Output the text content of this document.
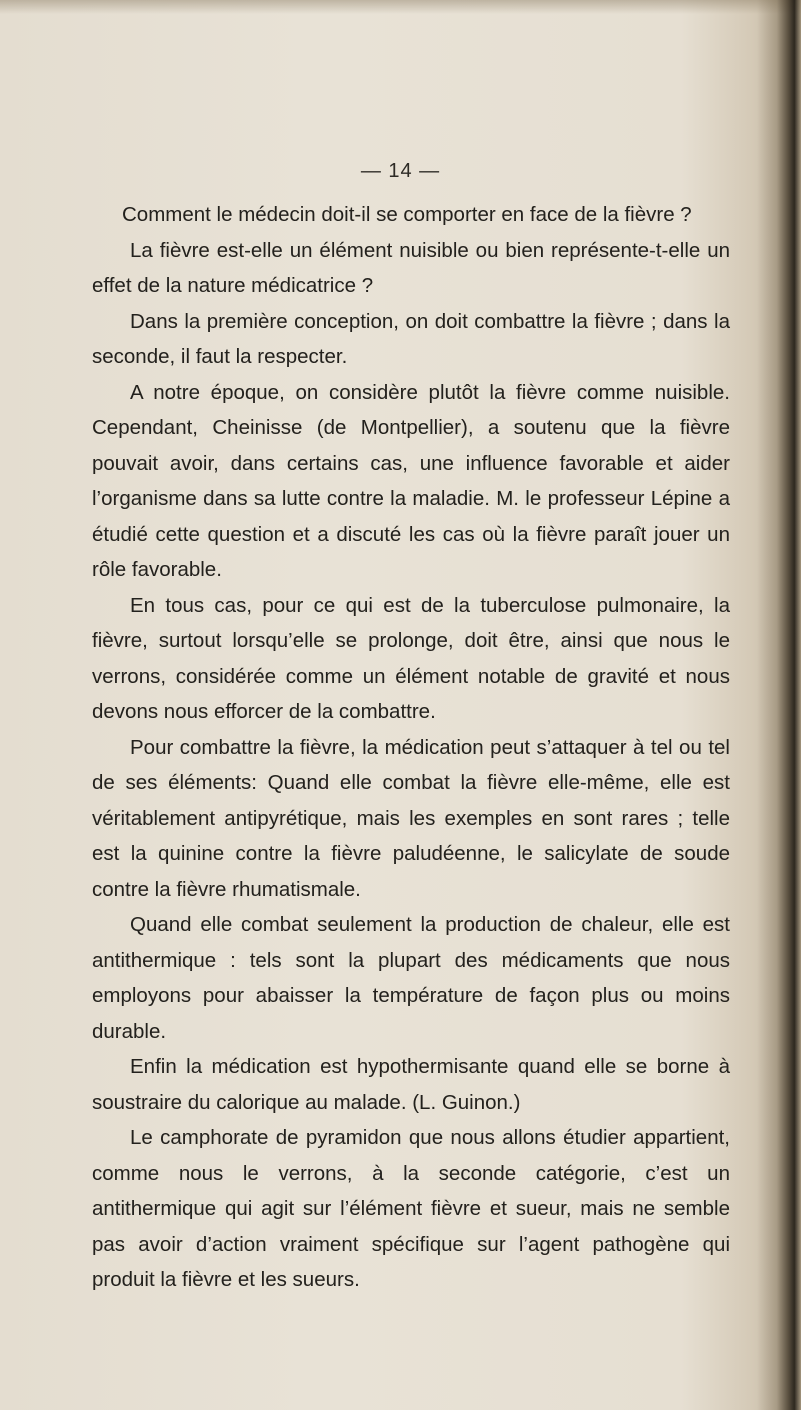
— 14 —

Comment le médecin doit-il se comporter en face de la fièvre ?

La fièvre est-elle un élément nuisible ou bien représente-t-elle un effet de la nature médicatrice ?

Dans la première conception, on doit combattre la fièvre ; dans la seconde, il faut la respecter.

A notre époque, on considère plutôt la fièvre comme nuisible. Cependant, Cheinisse (de Montpellier), a soutenu que la fièvre pouvait avoir, dans certains cas, une influence favorable et aider l’organisme dans sa lutte contre la maladie. M. le professeur Lépine a étudié cette question et a discuté les cas où la fièvre paraît jouer un rôle favorable.

En tous cas, pour ce qui est de la tuberculose pulmonaire, la fièvre, surtout lorsqu’elle se prolonge, doit être, ainsi que nous le verrons, considérée comme un élément notable de gravité et nous devons nous efforcer de la combattre.

Pour combattre la fièvre, la médication peut s’attaquer à tel ou tel de ses éléments: Quand elle combat la fièvre elle-même, elle est véritablement antipyrétique, mais les exemples en sont rares ; telle est la quinine contre la fièvre paludéenne, le salicylate de soude contre la fièvre rhumatismale.

Quand elle combat seulement la production de chaleur, elle est antithermique : tels sont la plupart des médicaments que nous employons pour abaisser la température de façon plus ou moins durable.

Enfin la médication est hypothermisante quand elle se borne à soustraire du calorique au malade. (L. Guinon.)

Le camphorate de pyramidon que nous allons étudier appartient, comme nous le verrons, à la seconde catégorie, c’est un antithermique qui agit sur l’élément fièvre et sueur, mais ne semble pas avoir d’action vraiment spécifique sur l’agent pathogène qui produit la fièvre et les sueurs.
